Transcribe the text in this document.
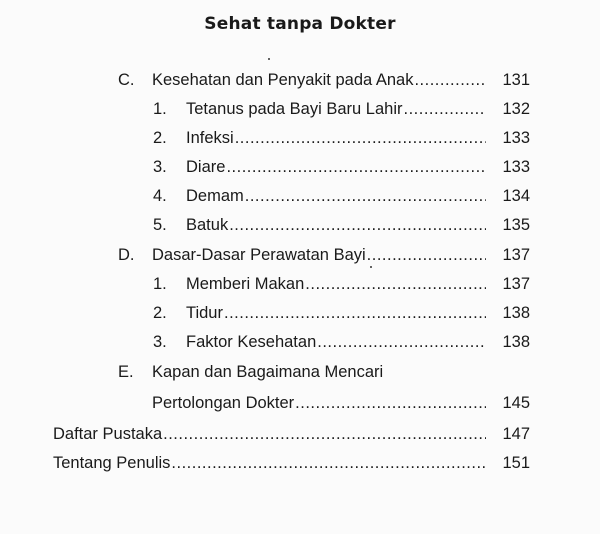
Sehat tanpa Dokter
C.	Kesehatan dan Penyakit pada Anak .....	131
1.	Tetanus pada Bayi Baru Lahir .....	132
2.	Infeksi .....	133
3.	Diare .....	133
4.	Demam .....	134
5.	Batuk .....	135
D.	Dasar-Dasar Perawatan Bayi .....	137
1.	Memberi Makan .....	137
2.	Tidur .....	138
3.	Faktor Kesehatan .....	138
E.	Kapan dan Bagaimana Mencari
Pertolongan Dokter .....	145
Daftar Pustaka .....	147
Tentang Penulis .....	151
